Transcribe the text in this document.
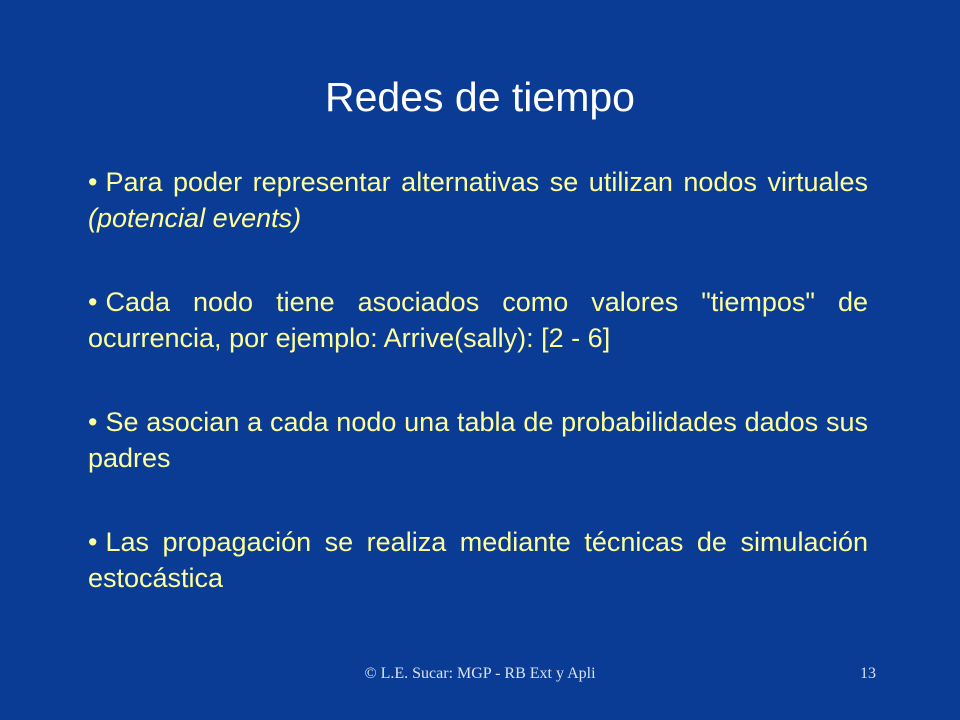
Redes de tiempo
• Para poder representar alternativas se utilizan nodos virtuales (potencial events)
• Cada nodo tiene asociados como valores "tiempos" de ocurrencia, por ejemplo: Arrive(sally): [2 - 6]
• Se asocian a cada nodo una tabla de probabilidades dados sus padres
• Las propagación se realiza mediante técnicas de simulación estocástica
© L.E. Sucar: MGP - RB Ext y Apli	13
